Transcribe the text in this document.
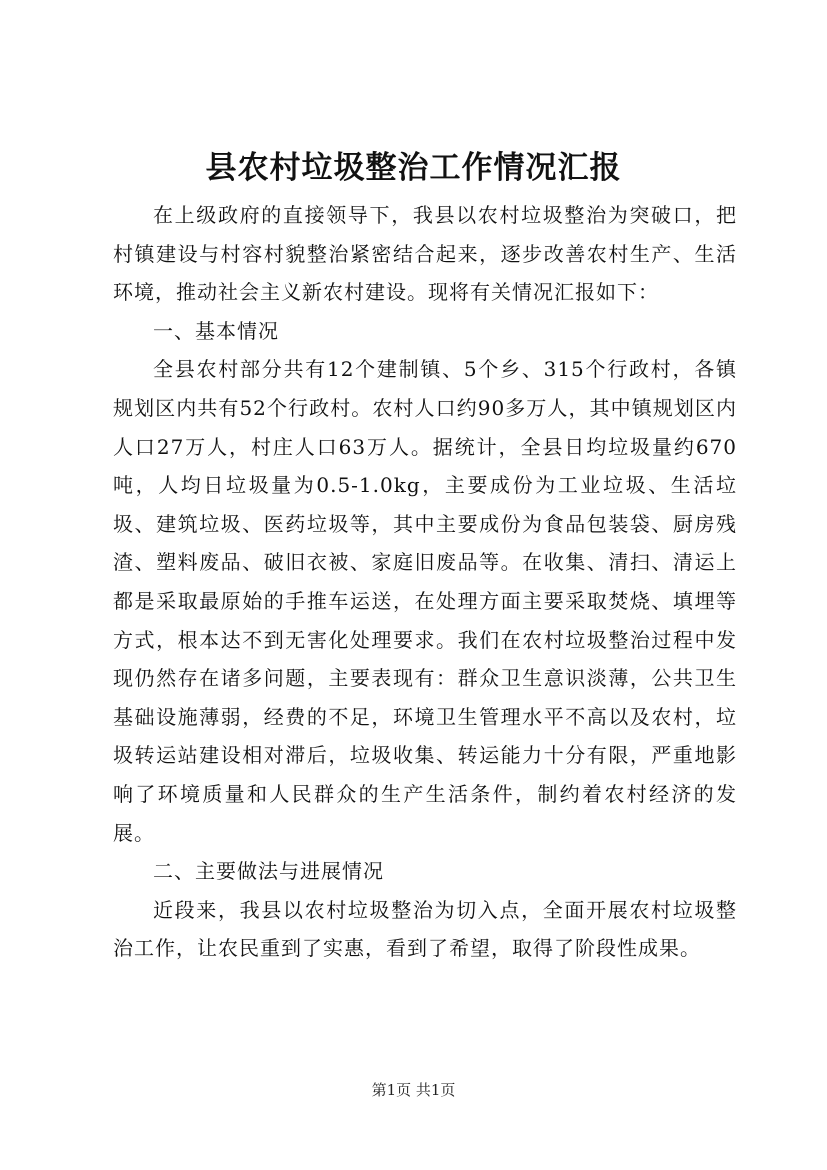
县农村垃圾整治工作情况汇报

在上级政府的直接领导下，我县以农村垃圾整治为突破口，把村镇建设与村容村貌整治紧密结合起来，逐步改善农村生产、生活环境，推动社会主义新农村建设。现将有关情况汇报如下：

一、基本情况

全县农村部分共有12个建制镇、5个乡、315个行政村，各镇规划区内共有52个行政村。农村人口约90多万人，其中镇规划区内人口27万人，村庄人口63万人。据统计，全县日均垃圾量约670吨，人均日垃圾量为0.5-1.0kg，主要成份为工业垃圾、生活垃圾、建筑垃圾、医药垃圾等，其中主要成份为食品包装袋、厨房残渣、塑料废品、破旧衣被、家庭旧废品等。在收集、清扫、清运上都是采取最原始的手推车运送，在处理方面主要采取焚烧、填埋等方式，根本达不到无害化处理要求。我们在农村垃圾整治过程中发现仍然存在诸多问题，主要表现有：群众卫生意识淡薄，公共卫生基础设施薄弱，经费的不足，环境卫生管理水平不高以及农村，垃圾转运站建设相对滞后，垃圾收集、转运能力十分有限，严重地影响了环境质量和人民群众的生产生活条件，制约着农村经济的发展。

二、主要做法与进展情况

近段来，我县以农村垃圾整治为切入点，全面开展农村垃圾整治工作，让农民重到了实惠，看到了希望，取得了阶段性成果。

第1页 共1页
